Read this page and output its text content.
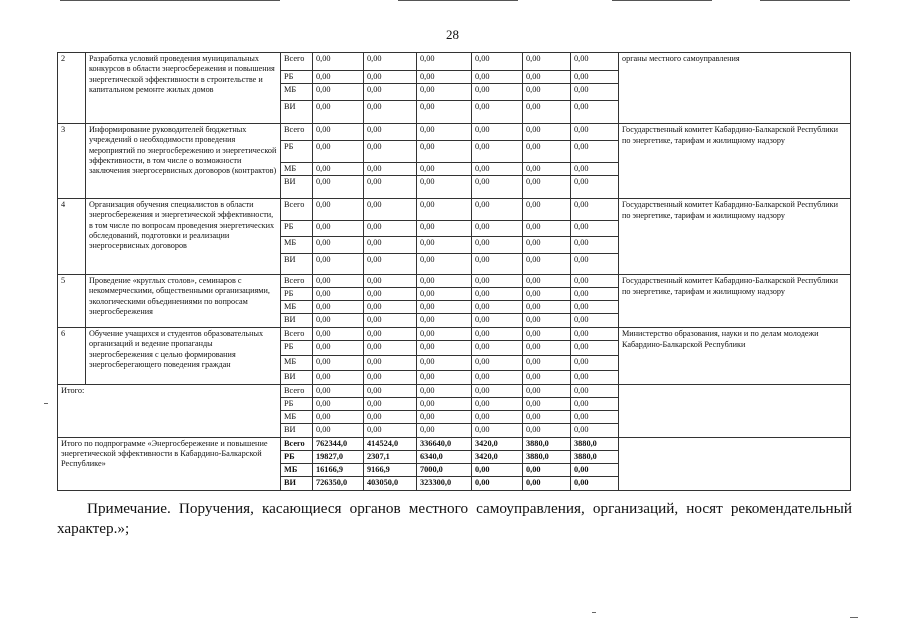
28
2	Разработка условий проведения муниципальных конкурсов в области энергосбережения и повышения энергетической эффективности в строительстве и капитальном ремонте жилых домов	Всего	0,00	0,00	0,00	0,00	0,00	0,00	органы местного самоуправления
		РБ	0,00	0,00	0,00	0,00	0,00	0,00	
		МБ	0,00	0,00	0,00	0,00	0,00	0,00	
		ВИ	0,00	0,00	0,00	0,00	0,00	0,00	
3	Информирование руководителей бюджетных учреждений о необходимости проведения мероприятий по энергосбережению и энергетической эффективности, в том числе о возможности заключения энергосервисных договоров (контрактов)	Всего	0,00	0,00	0,00	0,00	0,00	0,00	Государственный комитет Кабардино-Балкарской Республики по энергетике, тарифам и жилищному надзору
		РБ	0,00	0,00	0,00	0,00	0,00	0,00	
		МБ	0,00	0,00	0,00	0,00	0,00	0,00	
		ВИ	0,00	0,00	0,00	0,00	0,00	0,00	
4	Организация обучения специалистов в области энергосбережения и энергетической эффективности, в том числе по вопросам проведения энергетических обследований, подготовки и реализации энергосервисных договоров	Всего	0,00	0,00	0,00	0,00	0,00	0,00	Государственный комитет Кабардино-Балкарской Республики по энергетике, тарифам и жилищному надзору
		РБ	0,00	0,00	0,00	0,00	0,00	0,00	
		МБ	0,00	0,00	0,00	0,00	0,00	0,00	
		ВИ	0,00	0,00	0,00	0,00	0,00	0,00	
5	Проведение «круглых столов», семинаров с некоммерческими, общественными организациями, экологическими объединениями по вопросам энергосбережения	Всего	0,00	0,00	0,00	0,00	0,00	0,00	Государственный комитет Кабардино-Балкарской Республики по энергетике, тарифам и жилищному надзору
		РБ	0,00	0,00	0,00	0,00	0,00	0,00	
		МБ	0,00	0,00	0,00	0,00	0,00	0,00	
		ВИ	0,00	0,00	0,00	0,00	0,00	0,00	
6	Обучение учащихся и студентов образовательных организаций и ведение пропаганды энергосбережения с целью формирования энергосберегающего поведения граждан	Всего	0,00	0,00	0,00	0,00	0,00	0,00	Министерство образования, науки и по делам молодежи Кабардино-Балкарской Республики
		РБ	0,00	0,00	0,00	0,00	0,00	0,00	
		МБ	0,00	0,00	0,00	0,00	0,00	0,00	
		ВИ	0,00	0,00	0,00	0,00	0,00	0,00	
Итого:		Всего	0,00	0,00	0,00	0,00	0,00	0,00	
		РБ	0,00	0,00	0,00	0,00	0,00	0,00	
		МБ	0,00	0,00	0,00	0,00	0,00	0,00	
		ВИ	0,00	0,00	0,00	0,00	0,00	0,00	
Итого по подпрограмме «Энергосбережение и повышение энергетической эффективности в Кабардино-Балкарской Республике»		Всего	762344,0	414524,0	336640,0	3420,0	3880,0	3880,0	
		РБ	19827,0	2307,1	6340,0	3420,0	3880,0	3880,0	
		МБ	16166,9	9166,9	7000,0	0,00	0,00	0,00	
		ВИ	726350,0	403050,0	323300,0	0,00	0,00	0,00	
Примечание. Поручения, касающиеся органов местного самоуправления, организаций, носят рекомендательный характер.»;
